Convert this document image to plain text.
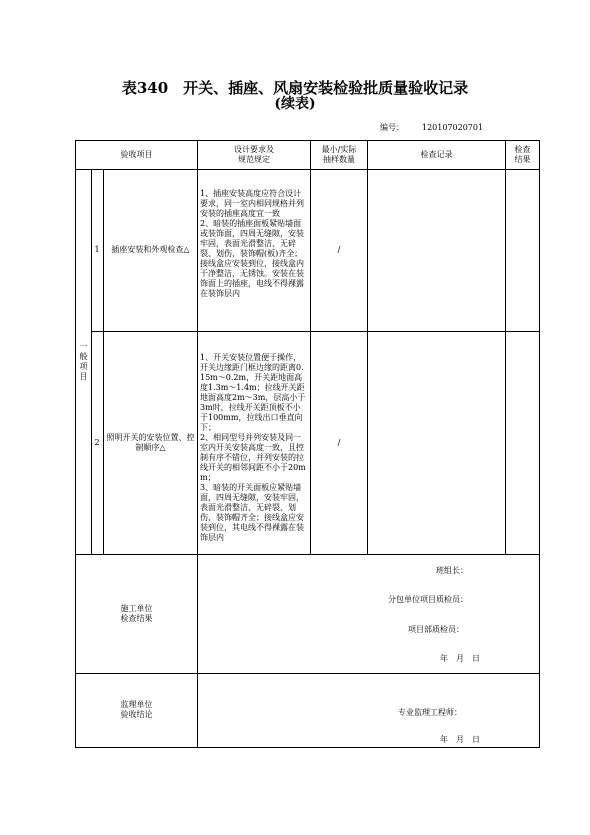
表340　开关、插座、风扇安装检验批质量验收记录
(续表)
编号： 120107020701
验收项目
设计要求及
规范规定
最小/实际
抽样数量
检查记录
检查
结果
一
般
项
目
1	插座安装和外观检查△
1、插座安装高度应符合设计要求，同一室内相同规格并列安装的插座高度宜一致
2、暗装的插座面板紧贴墙面或装饰面，四周无缝隙，安装牢固，表面光滑整洁、无碎裂、划伤，装饰帽(板)齐全；接线盒应安装到位，接线盒内干净整洁，无锈蚀。安装在装饰面上的插座，电线不得裸露在装饰层内
/
2
照明开关的安装位置、控制顺序△
1、开关安装位置便于操作，开关边缘距门框边缘的距离0.15m～0.2m，开关距地面高度1.3m～1.4m；拉线开关距地面高度2m～3m，层高小于3m时，拉线开关距顶板不小于100mm，拉线出口垂直向下；
2、相同型号并列安装及同一室内开关安装高度一致，且控制有序不错位，并列安装的拉线开关的相邻间距不小于20mm；
3、暗装的开关面板应紧贴墙面，四周无缝隙，安装牢固，表面光滑整洁、无碎裂、划伤，装饰帽齐全；接线盒应安装到位，其电线不得裸露在装饰层内
/
施工单位
检查结果
班组长：
分包单位项目质检员：
项目部质检员：
年　月　日
监理单位
验收结论	专业监理工程师：
年　月　日
